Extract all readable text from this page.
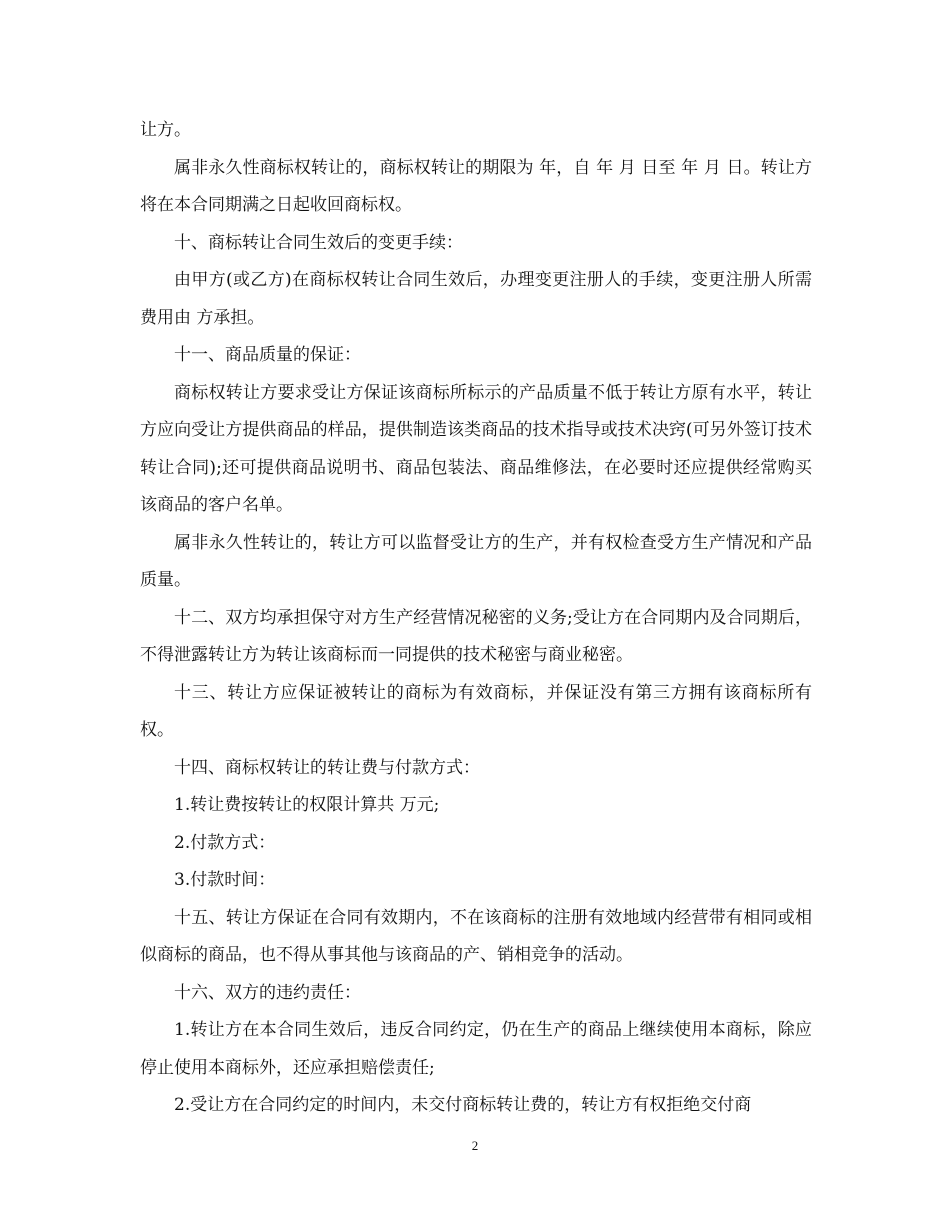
让方。

属非永久性商标权转让的，商标权转让的期限为 年，自 年 月 日至 年 月 日。转让方将在本合同期满之日起收回商标权。

十、商标转让合同生效后的变更手续：

由甲方(或乙方)在商标权转让合同生效后，办理变更注册人的手续，变更注册人所需费用由 方承担。

十一、商品质量的保证：

商标权转让方要求受让方保证该商标所标示的产品质量不低于转让方原有水平，转让方应向受让方提供商品的样品，提供制造该类商品的技术指导或技术决窍(可另外签订技术转让合同);还可提供商品说明书、商品包装法、商品维修法，在必要时还应提供经常购买该商品的客户名单。

属非永久性转让的，转让方可以监督受让方的生产，并有权检查受方生产情况和产品质量。

十二、双方均承担保守对方生产经营情况秘密的义务;受让方在合同期内及合同期后，不得泄露转让方为转让该商标而一同提供的技术秘密与商业秘密。

十三、转让方应保证被转让的商标为有效商标，并保证没有第三方拥有该商标所有权。

十四、商标权转让的转让费与付款方式：

1.转让费按转让的权限计算共 万元;

2.付款方式：

3.付款时间：

十五、转让方保证在合同有效期内，不在该商标的注册有效地域内经营带有相同或相似商标的商品，也不得从事其他与该商品的产、销相竞争的活动。

十六、双方的违约责任：

1.转让方在本合同生效后，违反合同约定，仍在生产的商品上继续使用本商标，除应停止使用本商标外，还应承担赔偿责任;

2.受让方在合同约定的时间内，未交付商标转让费的，转让方有权拒绝交付商

2
